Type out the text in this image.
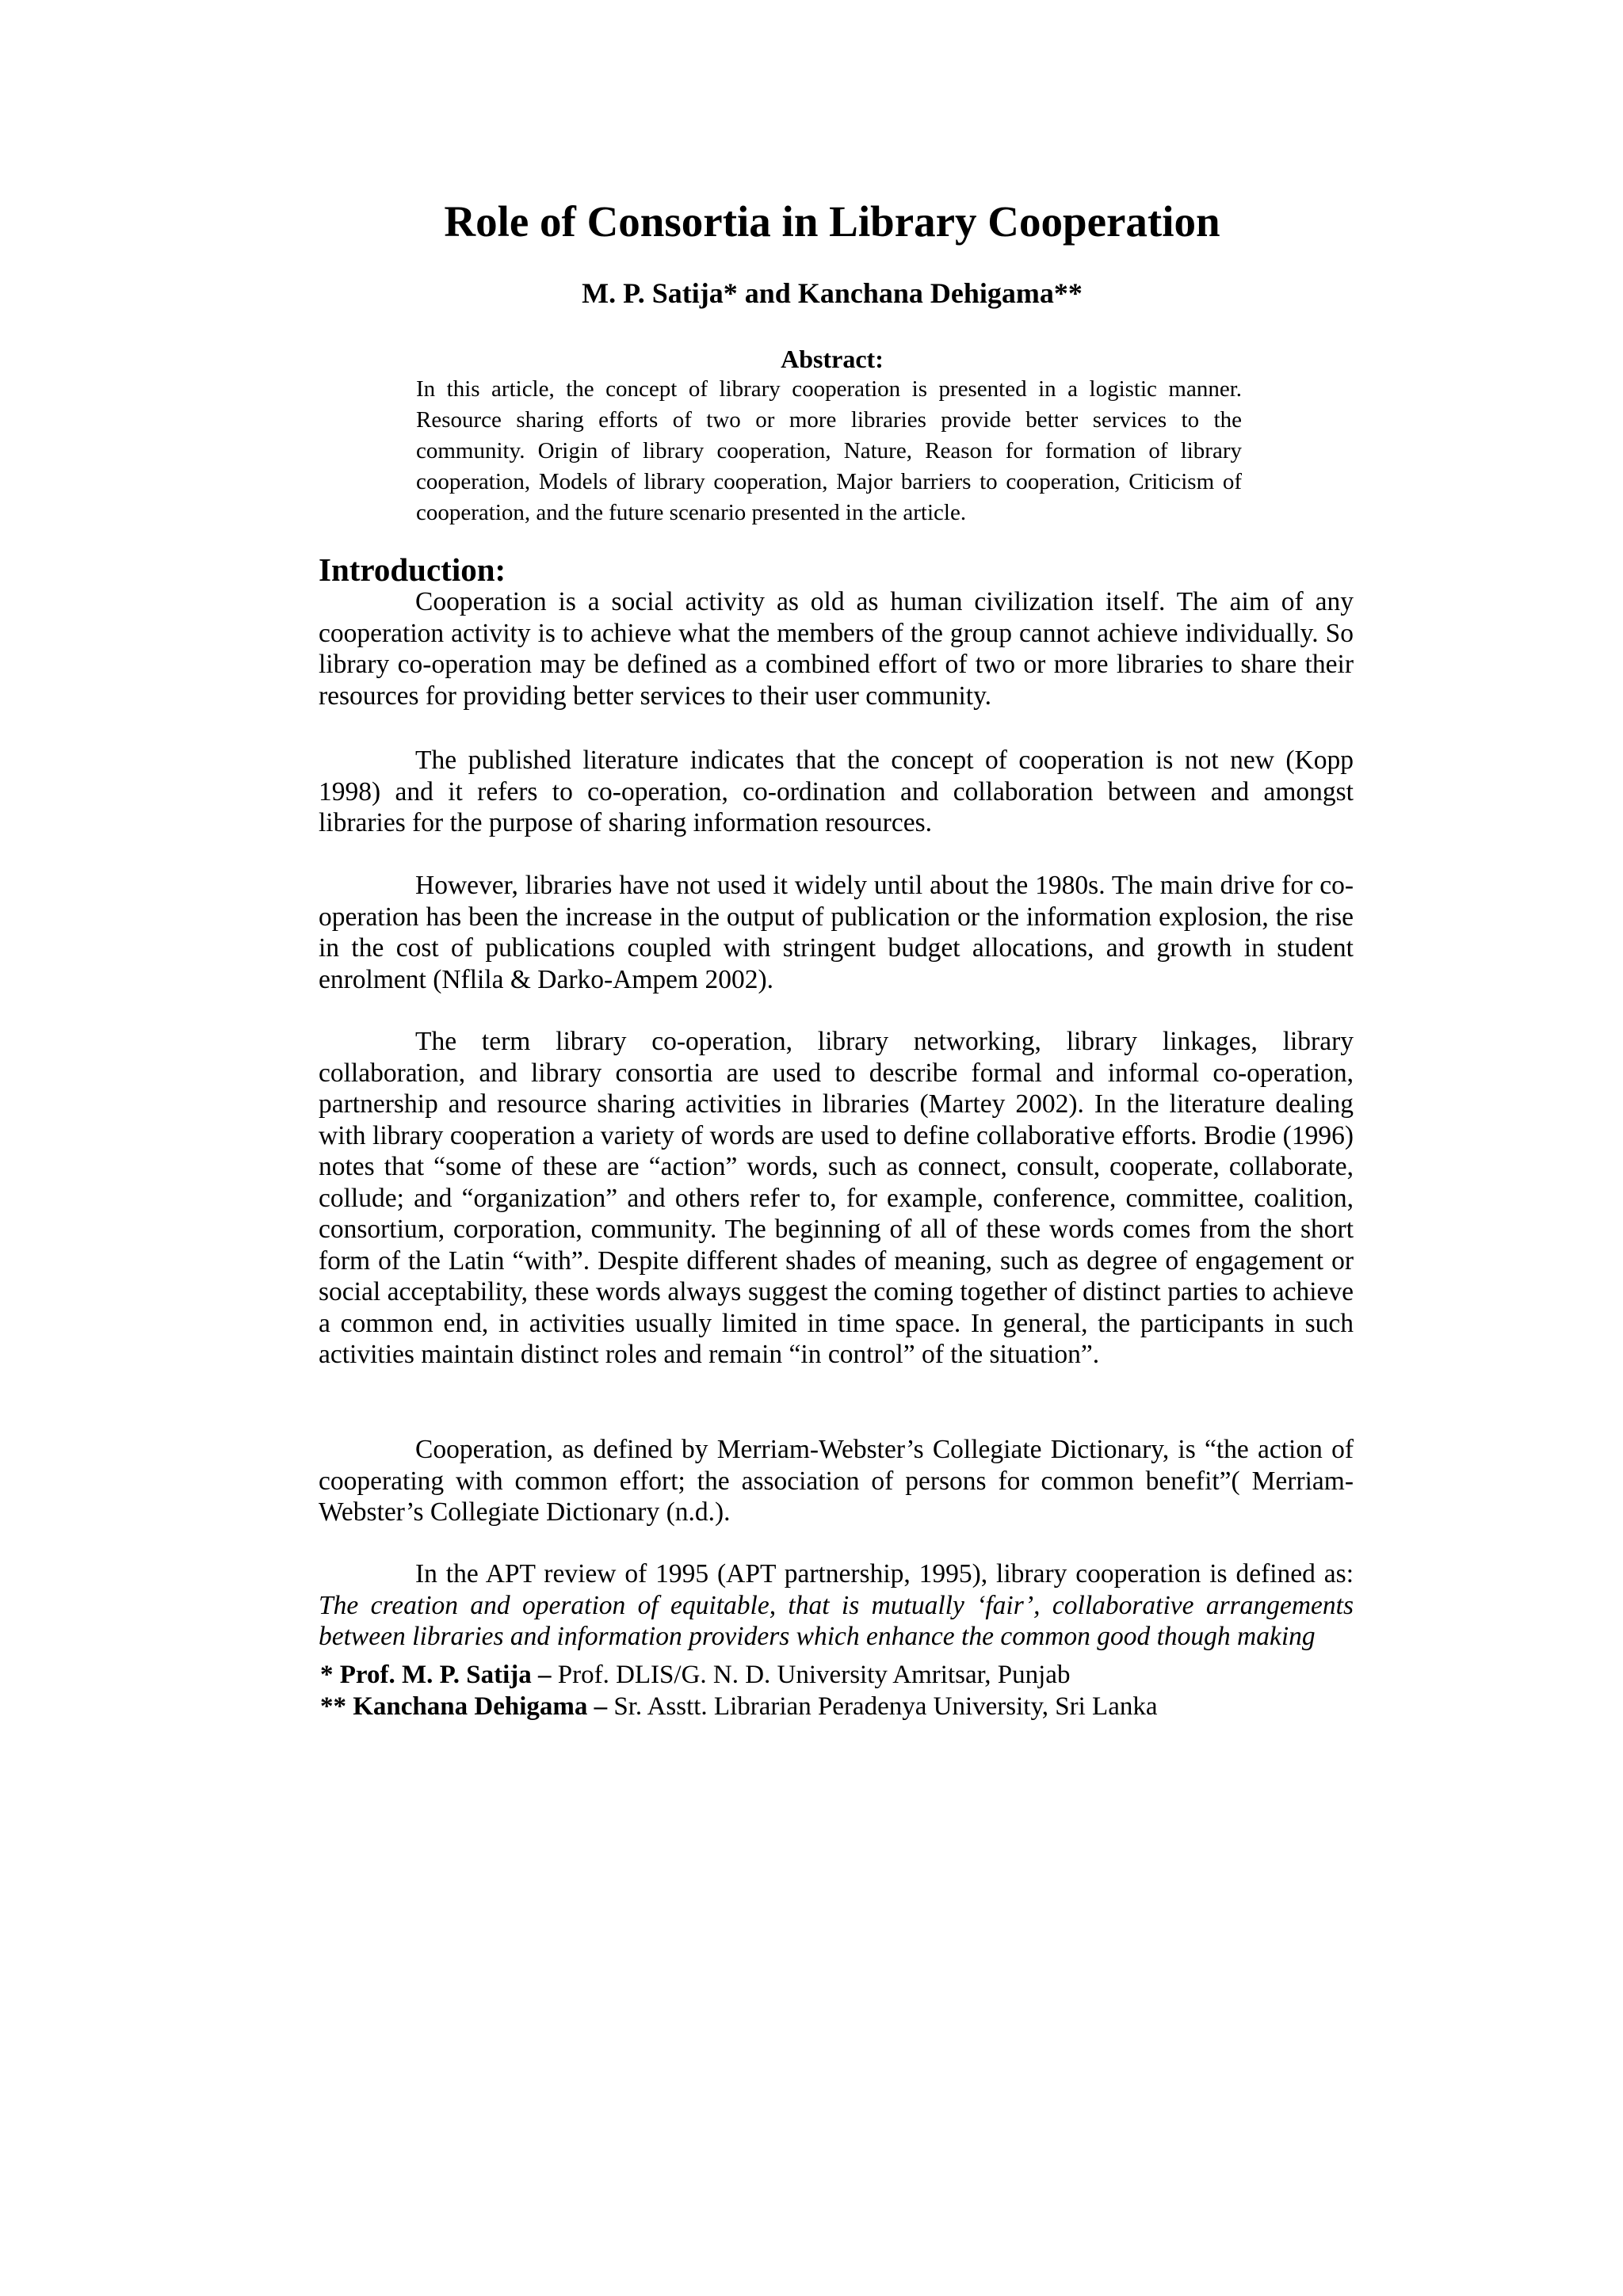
Role of Consortia in Library Cooperation
M. P. Satija* and Kanchana Dehigama**
Abstract:

In this article, the concept of library cooperation is presented in a logistic manner. Resource sharing efforts of two or more libraries provide better services to the community. Origin of library cooperation, Nature, Reason for formation of library cooperation, Models of library cooperation, Major barriers to cooperation, Criticism of cooperation, and the future scenario presented in the article.

Introduction:

Cooperation is a social activity as old as human civilization itself. The aim of any cooperation activity is to achieve what the members of the group cannot achieve individually. So library co-operation may be defined as a combined effort of two or more libraries to share their resources for providing better services to their user community.

The published literature indicates that the concept of cooperation is not new (Kopp 1998) and it refers to co-operation, co-ordination and collaboration between and amongst libraries for the purpose of sharing information resources.

However, libraries have not used it widely until about the 1980s. The main drive for co-operation has been the increase in the output of publication or the information explosion, the rise in the cost of publications coupled with stringent budget allocations, and growth in student enrolment (Nflila & Darko-Ampem 2002).

The term library co-operation, library networking, library linkages, library collaboration, and library consortia are used to describe formal and informal co-operation, partnership and resource sharing activities in libraries (Martey 2002). In the literature dealing with library cooperation a variety of words are used to define collaborative efforts. Brodie (1996) notes that “some of these are “action” words, such as connect, consult, cooperate, collaborate, collude; and “organization” and others refer to, for example, conference, committee, coalition, consortium, corporation, community. The beginning of all of these words comes from the short form of the Latin “with”. Despite different shades of meaning, such as degree of engagement or social acceptability, these words always suggest the coming together of distinct parties to achieve a common end, in activities usually limited in time space. In general, the participants in such activities maintain distinct roles and remain “in control” of the situation”.

Cooperation, as defined by Merriam-Webster’s Collegiate Dictionary, is “the action of cooperating with common effort; the association of persons for common benefit”( Merriam-Webster’s Collegiate Dictionary (n.d.).

In the APT review of 1995 (APT partnership, 1995), library cooperation is defined as: The creation and operation of equitable, that is mutually ‘fair’, collaborative arrangements between libraries and information providers which enhance the common good though making

* Prof. M. P. Satija – Prof. DLIS/G. N. D. University Amritsar, Punjab
** Kanchana Dehigama – Sr. Asstt. Librarian Peradenya University, Sri Lanka
